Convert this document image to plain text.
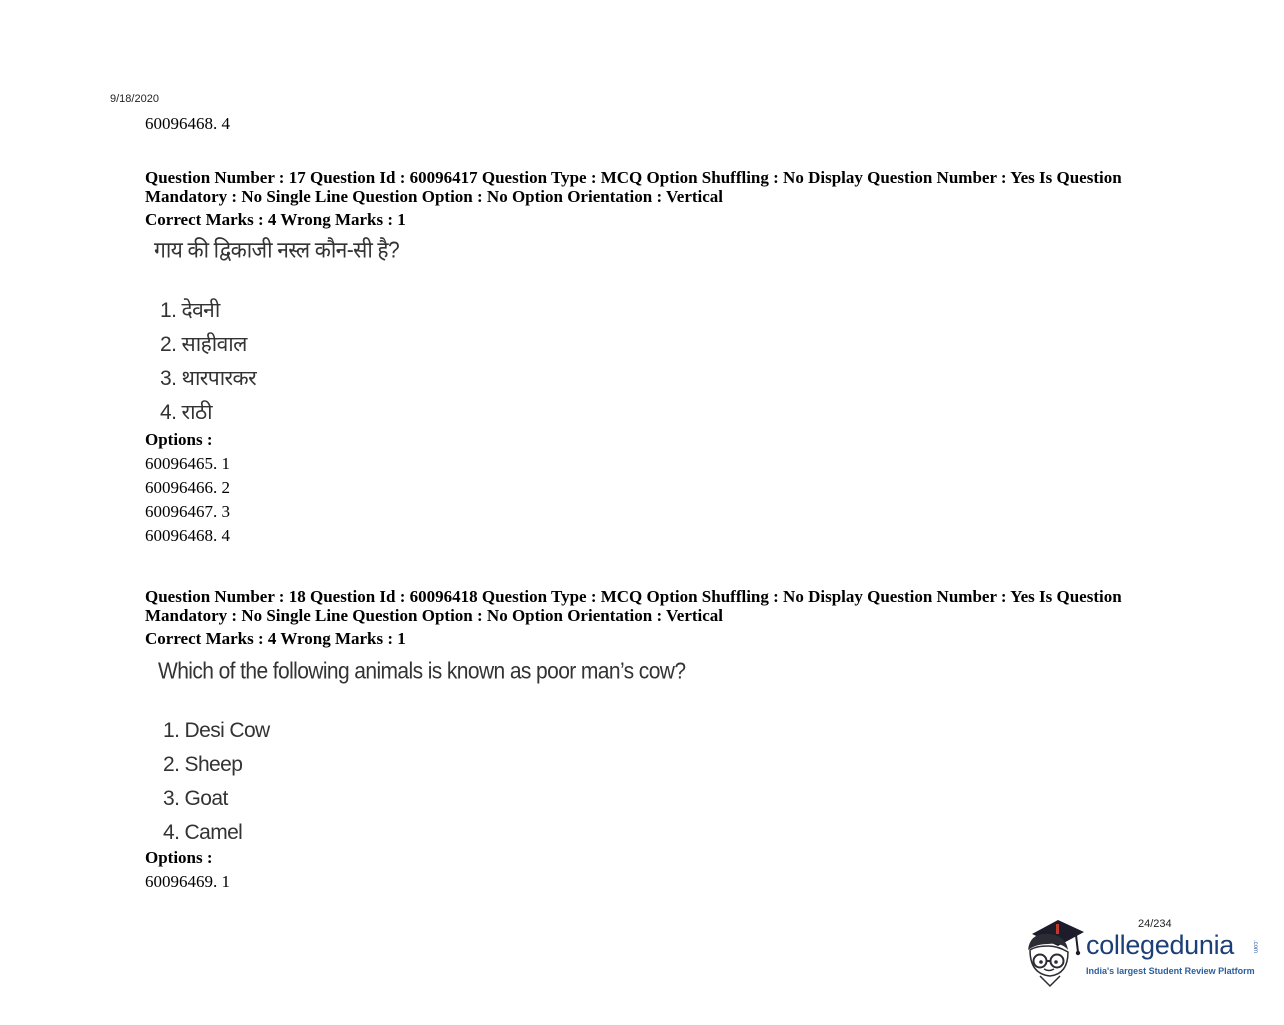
9/18/2020
60096468. 4
Question Number : 17 Question Id : 60096417 Question Type : MCQ Option Shuffling : No Display Question Number : Yes Is Question Mandatory : No Single Line Question Option : No Option Orientation : Vertical
Correct Marks : 4 Wrong Marks : 1
गाय की द्विकाजी नस्ल कौन-सी है?
1. देवनी
2. साहीवाल
3. थारपारकर
4. राठी
Options :
60096465. 1
60096466. 2
60096467. 3
60096468. 4
Question Number : 18 Question Id : 60096418 Question Type : MCQ Option Shuffling : No Display Question Number : Yes Is Question Mandatory : No Single Line Question Option : No Option Orientation : Vertical
Correct Marks : 4 Wrong Marks : 1
Which of the following animals is known as poor man’s cow?
1. Desi Cow
2. Sheep
3. Goat
4. Camel
Options :
60096469. 1
24/234
collegedunia	.com
India's largest Student Review Platform
